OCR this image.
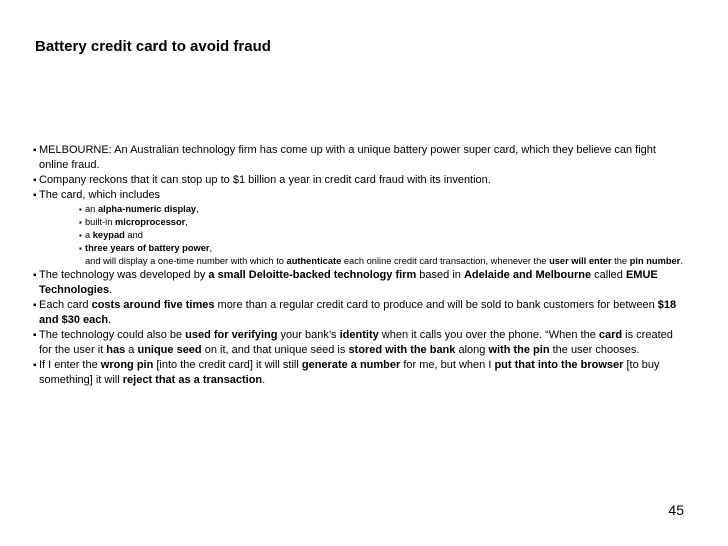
Battery credit card to avoid fraud
▪ MELBOURNE: An Australian technology firm has come up with a unique battery power super card, which they believe can fight online fraud.
▪ Company reckons that it can stop up to $1 billion a year in credit card fraud with its invention.
▪ The card, which includes
▪ an alpha-numeric display,
▪ built-in microprocessor,
▪ a keypad and
▪ three years of battery power,
and will display a one-time number with which to authenticate each online credit card transaction, whenever the user will enter the pin number.
▪ The technology was developed by a small Deloitte-backed technology firm based in Adelaide and Melbourne called EMUE Technologies.
▪ Each card costs around five times more than a regular credit card to produce and will be sold to bank customers for between $18 and $30 each.
▪ The technology could also be used for verifying your bank’s identity when it calls you over the phone. “When the card is created for the user it has a unique seed on it, and that unique seed is stored with the bank along with the pin the user chooses.
▪ If I enter the wrong pin [into the credit card] it will still generate a number for me, but when I put that into the browser [to buy something] it will reject that as a transaction.
45
